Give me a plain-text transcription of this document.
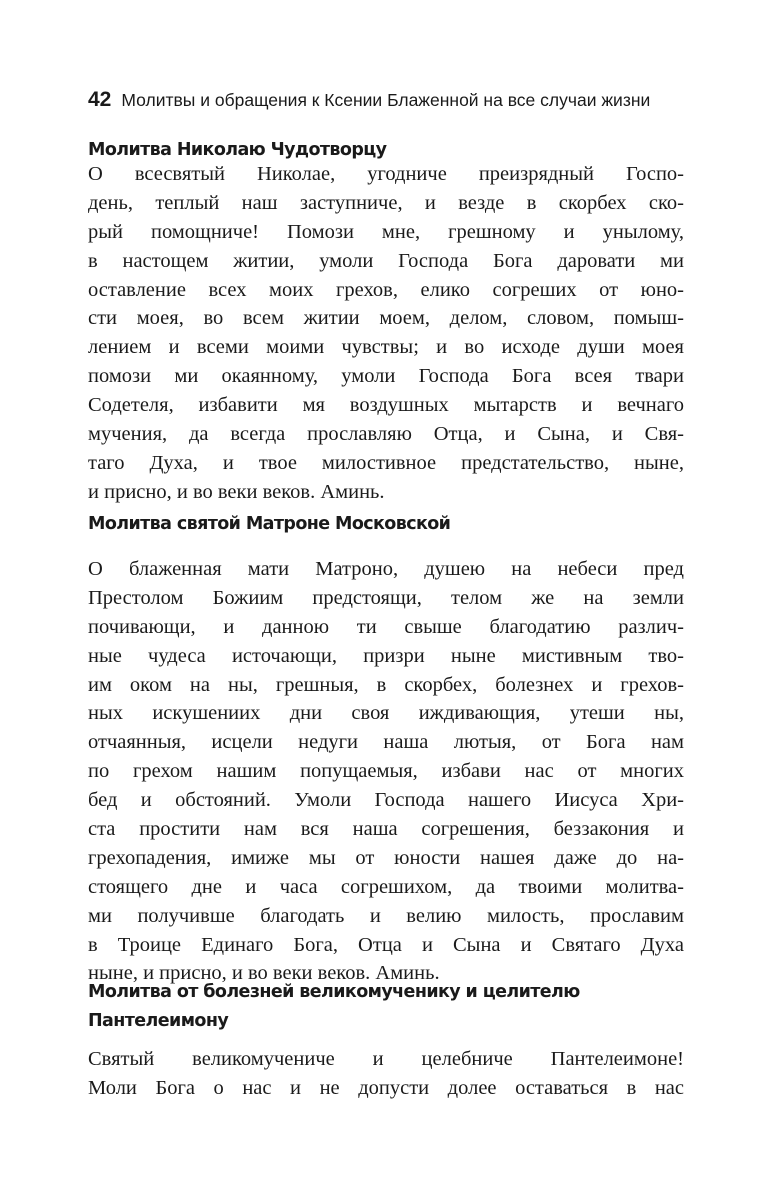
42 Молитвы и обращения к Ксении Блаженной на все случаи жизни
Молитва Николаю Чудотворцу
О всесвятый Николае, угодниче преизрядный Госпо-
день, теплый наш заступниче, и везде в скорбех ско-
рый помощниче! Помози мне, грешному и унылому,
в настощем житии, умоли Господа Бога даровати ми
оставление всех моих грехов, елико согреших от юно-
сти моея, во всем житии моем, делом, словом, помыш-
лением и всеми моими чувствы; и во исходе души моея
помози ми окаянному, умоли Господа Бога всея твари
Содетеля, избавити мя воздушных мытарств и вечнаго
мучения, да всегда прославляю Отца, и Сына, и Свя-
таго Духа, и твое милостивное предстательство, ныне,
и присно, и во веки веков. Аминь.
Молитва святой Матроне Московской
О блаженная мати Матроно, душею на небеси пред
Престолом Божиим предстоящи, телом же на земли
почивающи, и данною ти свыше благодатию различ-
ные чудеса источающи, призри ныне мистивным тво-
им оком на ны, грешныя, в скорбех, болезнех и грехов-
ных искушениих дни своя иждивающия, утеши ны,
отчаянныя, исцели недуги наша лютыя, от Бога нам
по грехом нашим попущаемыя, избави нас от многих
бед и обстояний. Умоли Господа нашего Иисуса Хри-
ста простити нам вся наша согрешения, беззакония и
грехопадения, имиже мы от юности нашея даже до на-
стоящего дне и часа согрешихом, да твоими молитва-
ми получивше благодать и велию милость, прославим
в Троице Единаго Бога, Отца и Сына и Святаго Духа
ныне, и присно, и во веки веков. Аминь.
Молитва от болезней великомученику и целителю
Пантелеимону
Святый великомучениче и целебниче Пантелеимоне!
Моли Бога о нас и не допусти долее оставаться в нас
